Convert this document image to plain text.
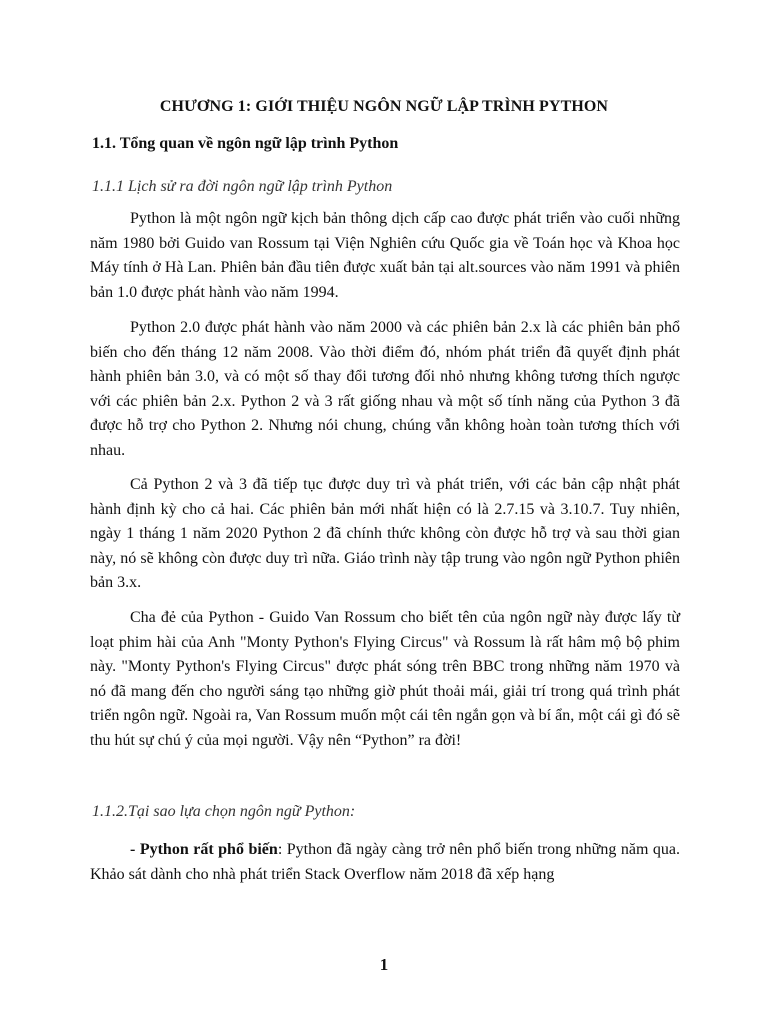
CHƯƠNG 1: GIỚI THIỆU NGÔN NGỮ LẬP TRÌNH PYTHON

1.1. Tổng quan về ngôn ngữ lập trình Python

1.1.1 Lịch sử ra đời ngôn ngữ lập trình Python

Python là một ngôn ngữ kịch bản thông dịch cấp cao được phát triển vào cuối những năm 1980 bởi Guido van Rossum tại Viện Nghiên cứu Quốc gia về Toán học và Khoa học Máy tính ở Hà Lan. Phiên bản đầu tiên được xuất bản tại alt.sources vào năm 1991 và phiên bản 1.0 được phát hành vào năm 1994.

Python 2.0 được phát hành vào năm 2000 và các phiên bản 2.x là các phiên bản phổ biến cho đến tháng 12 năm 2008. Vào thời điểm đó, nhóm phát triển đã quyết định phát hành phiên bản 3.0, và có một số thay đổi tương đối nhỏ nhưng không tương thích ngược với các phiên bản 2.x. Python 2 và 3 rất giống nhau và một số tính năng của Python 3 đã được hỗ trợ cho Python 2. Nhưng nói chung, chúng vẫn không hoàn toàn tương thích với nhau.

Cả Python 2 và 3 đã tiếp tục được duy trì và phát triển, với các bản cập nhật phát hành định kỳ cho cả hai. Các phiên bản mới nhất hiện có là 2.7.15 và 3.10.7. Tuy nhiên, ngày 1 tháng 1 năm 2020 Python 2 đã chính thức không còn được hỗ trợ và sau thời gian này, nó sẽ không còn được duy trì nữa. Giáo trình này tập trung vào ngôn ngữ Python phiên bản 3.x.

Cha đẻ của Python - Guido Van Rossum cho biết tên của ngôn ngữ này được lấy từ loạt phim hài của Anh "Monty Python's Flying Circus" và Rossum là rất hâm mộ bộ phim này. "Monty Python's Flying Circus" được phát sóng trên BBC trong những năm 1970 và nó đã mang đến cho người sáng tạo những giờ phút thoải mái, giải trí trong quá trình phát triển ngôn ngữ. Ngoài ra, Van Rossum muốn một cái tên ngắn gọn và bí ẩn, một cái gì đó sẽ thu hút sự chú ý của mọi người. Vậy nên “Python” ra đời!

1.1.2.Tại sao lựa chọn ngôn ngữ Python:

- Python rất phổ biến: Python đã ngày càng trở nên phổ biến trong những năm qua. Khảo sát dành cho nhà phát triển Stack Overflow năm 2018 đã xếp hạng

1
